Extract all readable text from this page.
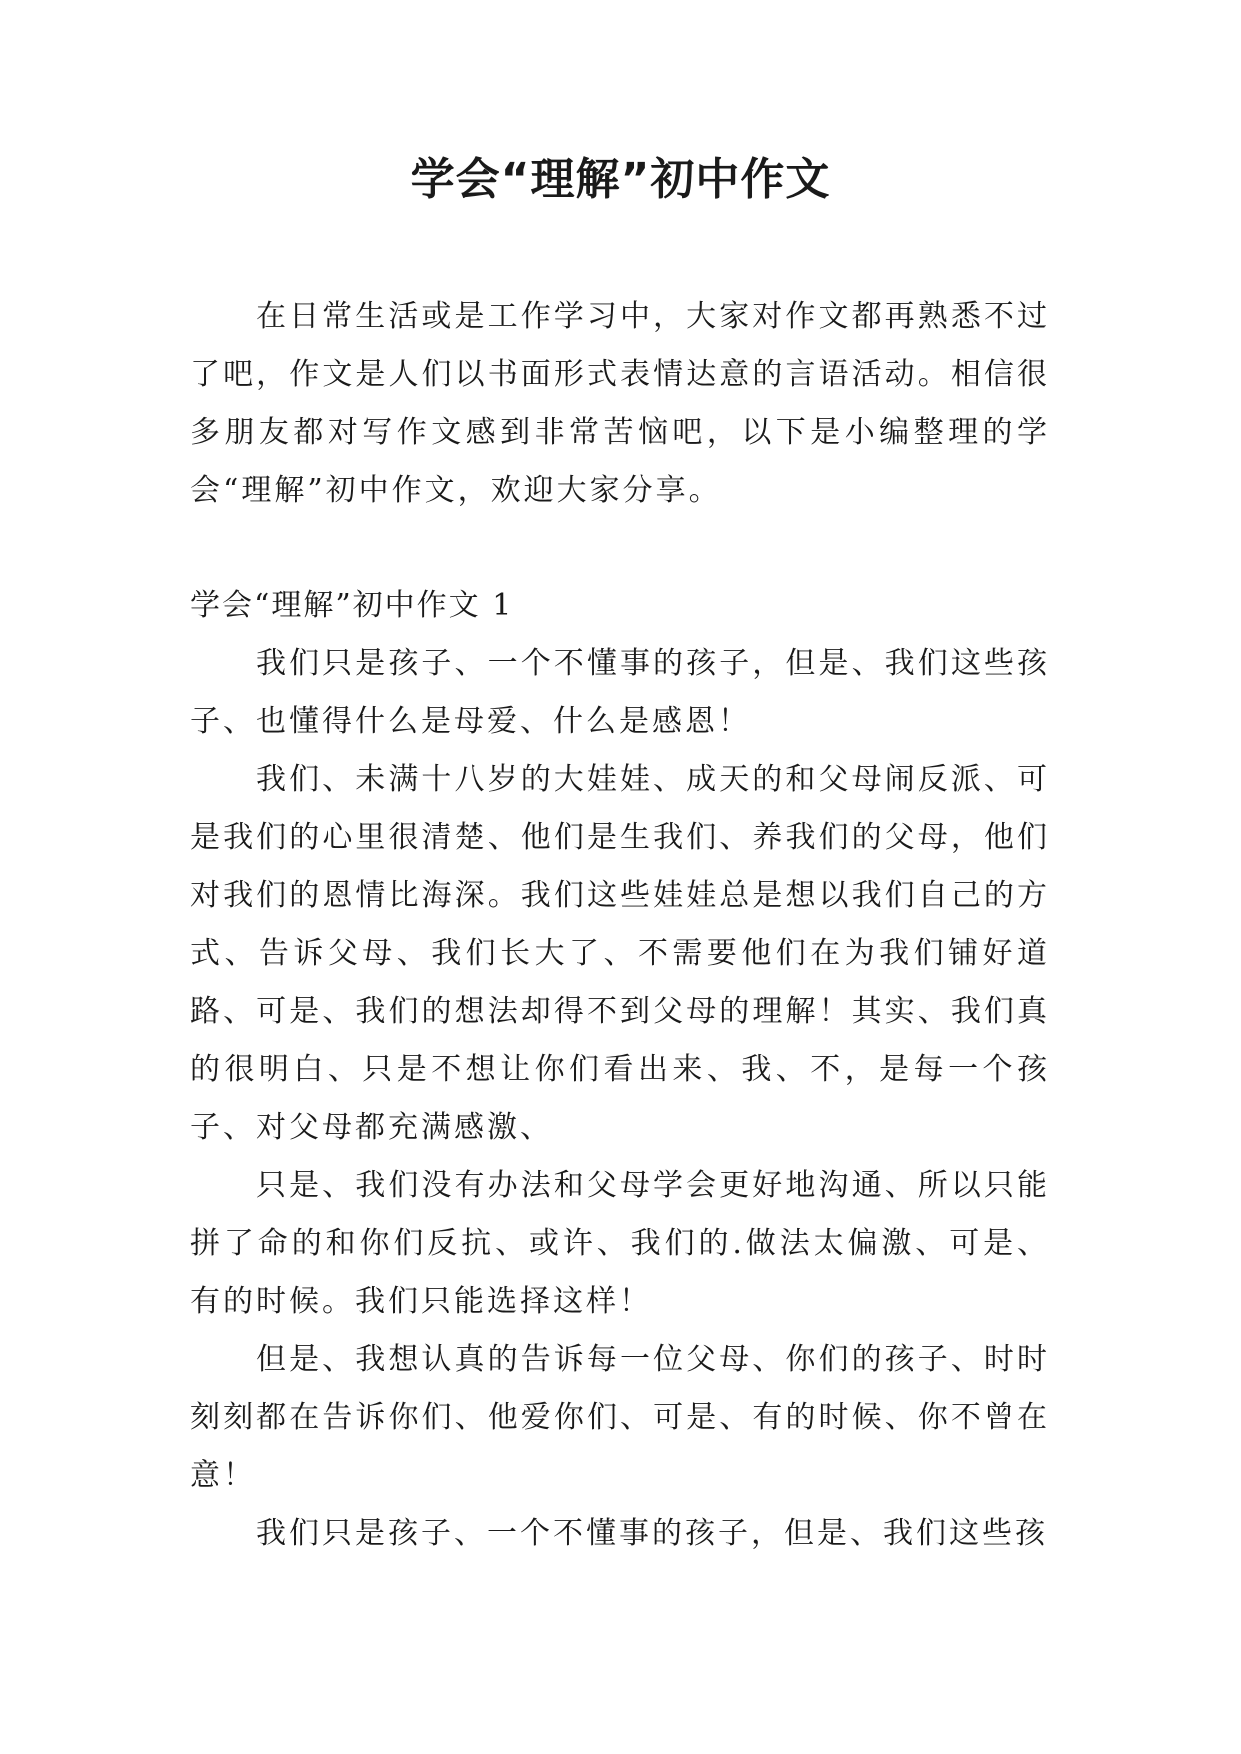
学会“理解”初中作文

在日常生活或是工作学习中，大家对作文都再熟悉不过了吧，作文是人们以书面形式表情达意的言语活动。相信很多朋友都对写作文感到非常苦恼吧，以下是小编整理的学会“理解”初中作文，欢迎大家分享。

学会“理解”初中作文 1

我们只是孩子、一个不懂事的孩子，但是、我们这些孩子、也懂得什么是母爱、什么是感恩！

我们、未满十八岁的大娃娃、成天的和父母闹反派、可是我们的心里很清楚、他们是生我们、养我们的父母，他们对我们的恩情比海深。我们这些娃娃总是想以我们自己的方式、告诉父母、我们长大了、不需要他们在为我们铺好道路、可是、我们的想法却得不到父母的理解！其实、我们真的很明白、只是不想让你们看出来、我、不，是每一个孩子、对父母都充满感激、

只是、我们没有办法和父母学会更好地沟通、所以只能拼了命的和你们反抗、或许、我们的.做法太偏激、可是、有的时候。我们只能选择这样！

但是、我想认真的告诉每一位父母、你们的孩子、时时刻刻都在告诉你们、他爱你们、可是、有的时候、你不曾在意！

我们只是孩子、一个不懂事的孩子，但是、我们这些孩
